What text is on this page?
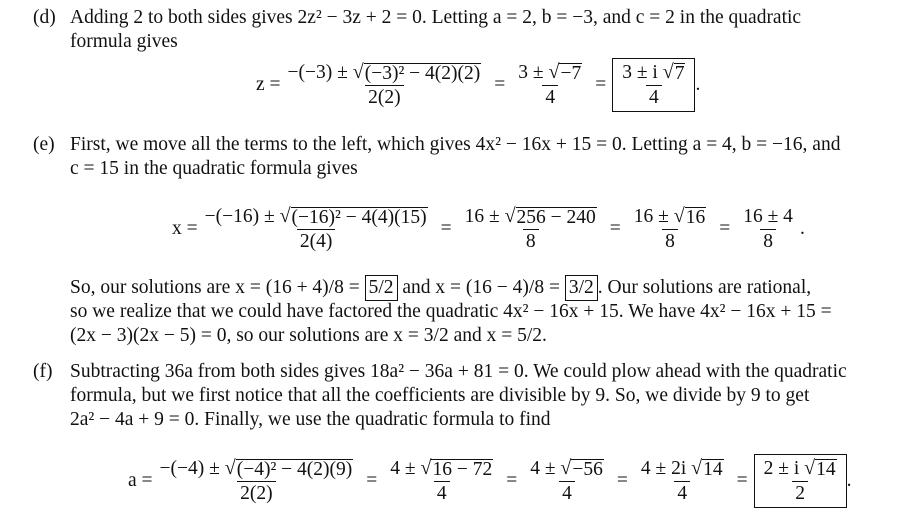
(d) Adding 2 to both sides gives 2z² − 3z + 2 = 0. Letting a = 2, b = −3, and c = 2 in the quadratic
formula gives
$z = \frac{\text{−(−3) ± √ (−3)² − 4(2)(2)}}{2(2)} = \frac{3 \pm √ -7}{4} = \frac{3 \pm i √ 7}{4}$ .
(e) First, we move all the terms to the left, which gives 4x² − 16x + 15 = 0. Letting a = 4, b = −16, and
c = 15 in the quadratic formula gives
$x = \frac{\text{−(−16) ± √ (−16)² − 4(4)(15)}}{2(4)} = \frac{16 \pm √ 256 - 240}{8} = \frac{16 \pm √ 16}{8} = \frac{16 \pm 4}{8}$ .
So, our solutions are x = (16 + 4)/8 =
5/2
and x = (16 − 4)/8 =
3/2 . Our solutions are rational,
so we realize that we could have factored the quadratic 4x² − 16x + 15. We have 4x² − 16x + 15 =
(2x − 3)(2x − 5) = 0, so our solutions are x = 3/2 and x = 5/2.
(f) Subtracting 36a from both sides gives 18a² − 36a + 81 = 0. We could plow ahead with the quadratic
formula, but we first notice that all the coefficients are divisible by 9. So, we divide by 9 to get
2a² − 4a + 9 = 0. Finally, we use the quadratic formula to find
$a = \frac{\text{−(−4) ± √ (−4)² − 4(2)(9)}}{2(2)} = \frac{4 \pm √ 16 - 72}{4} = \frac{4 \pm √ -56}{4} = \frac{4 \pm 2i √ 14}{4} = \frac{2 \pm i √ 14}{2}$ .
